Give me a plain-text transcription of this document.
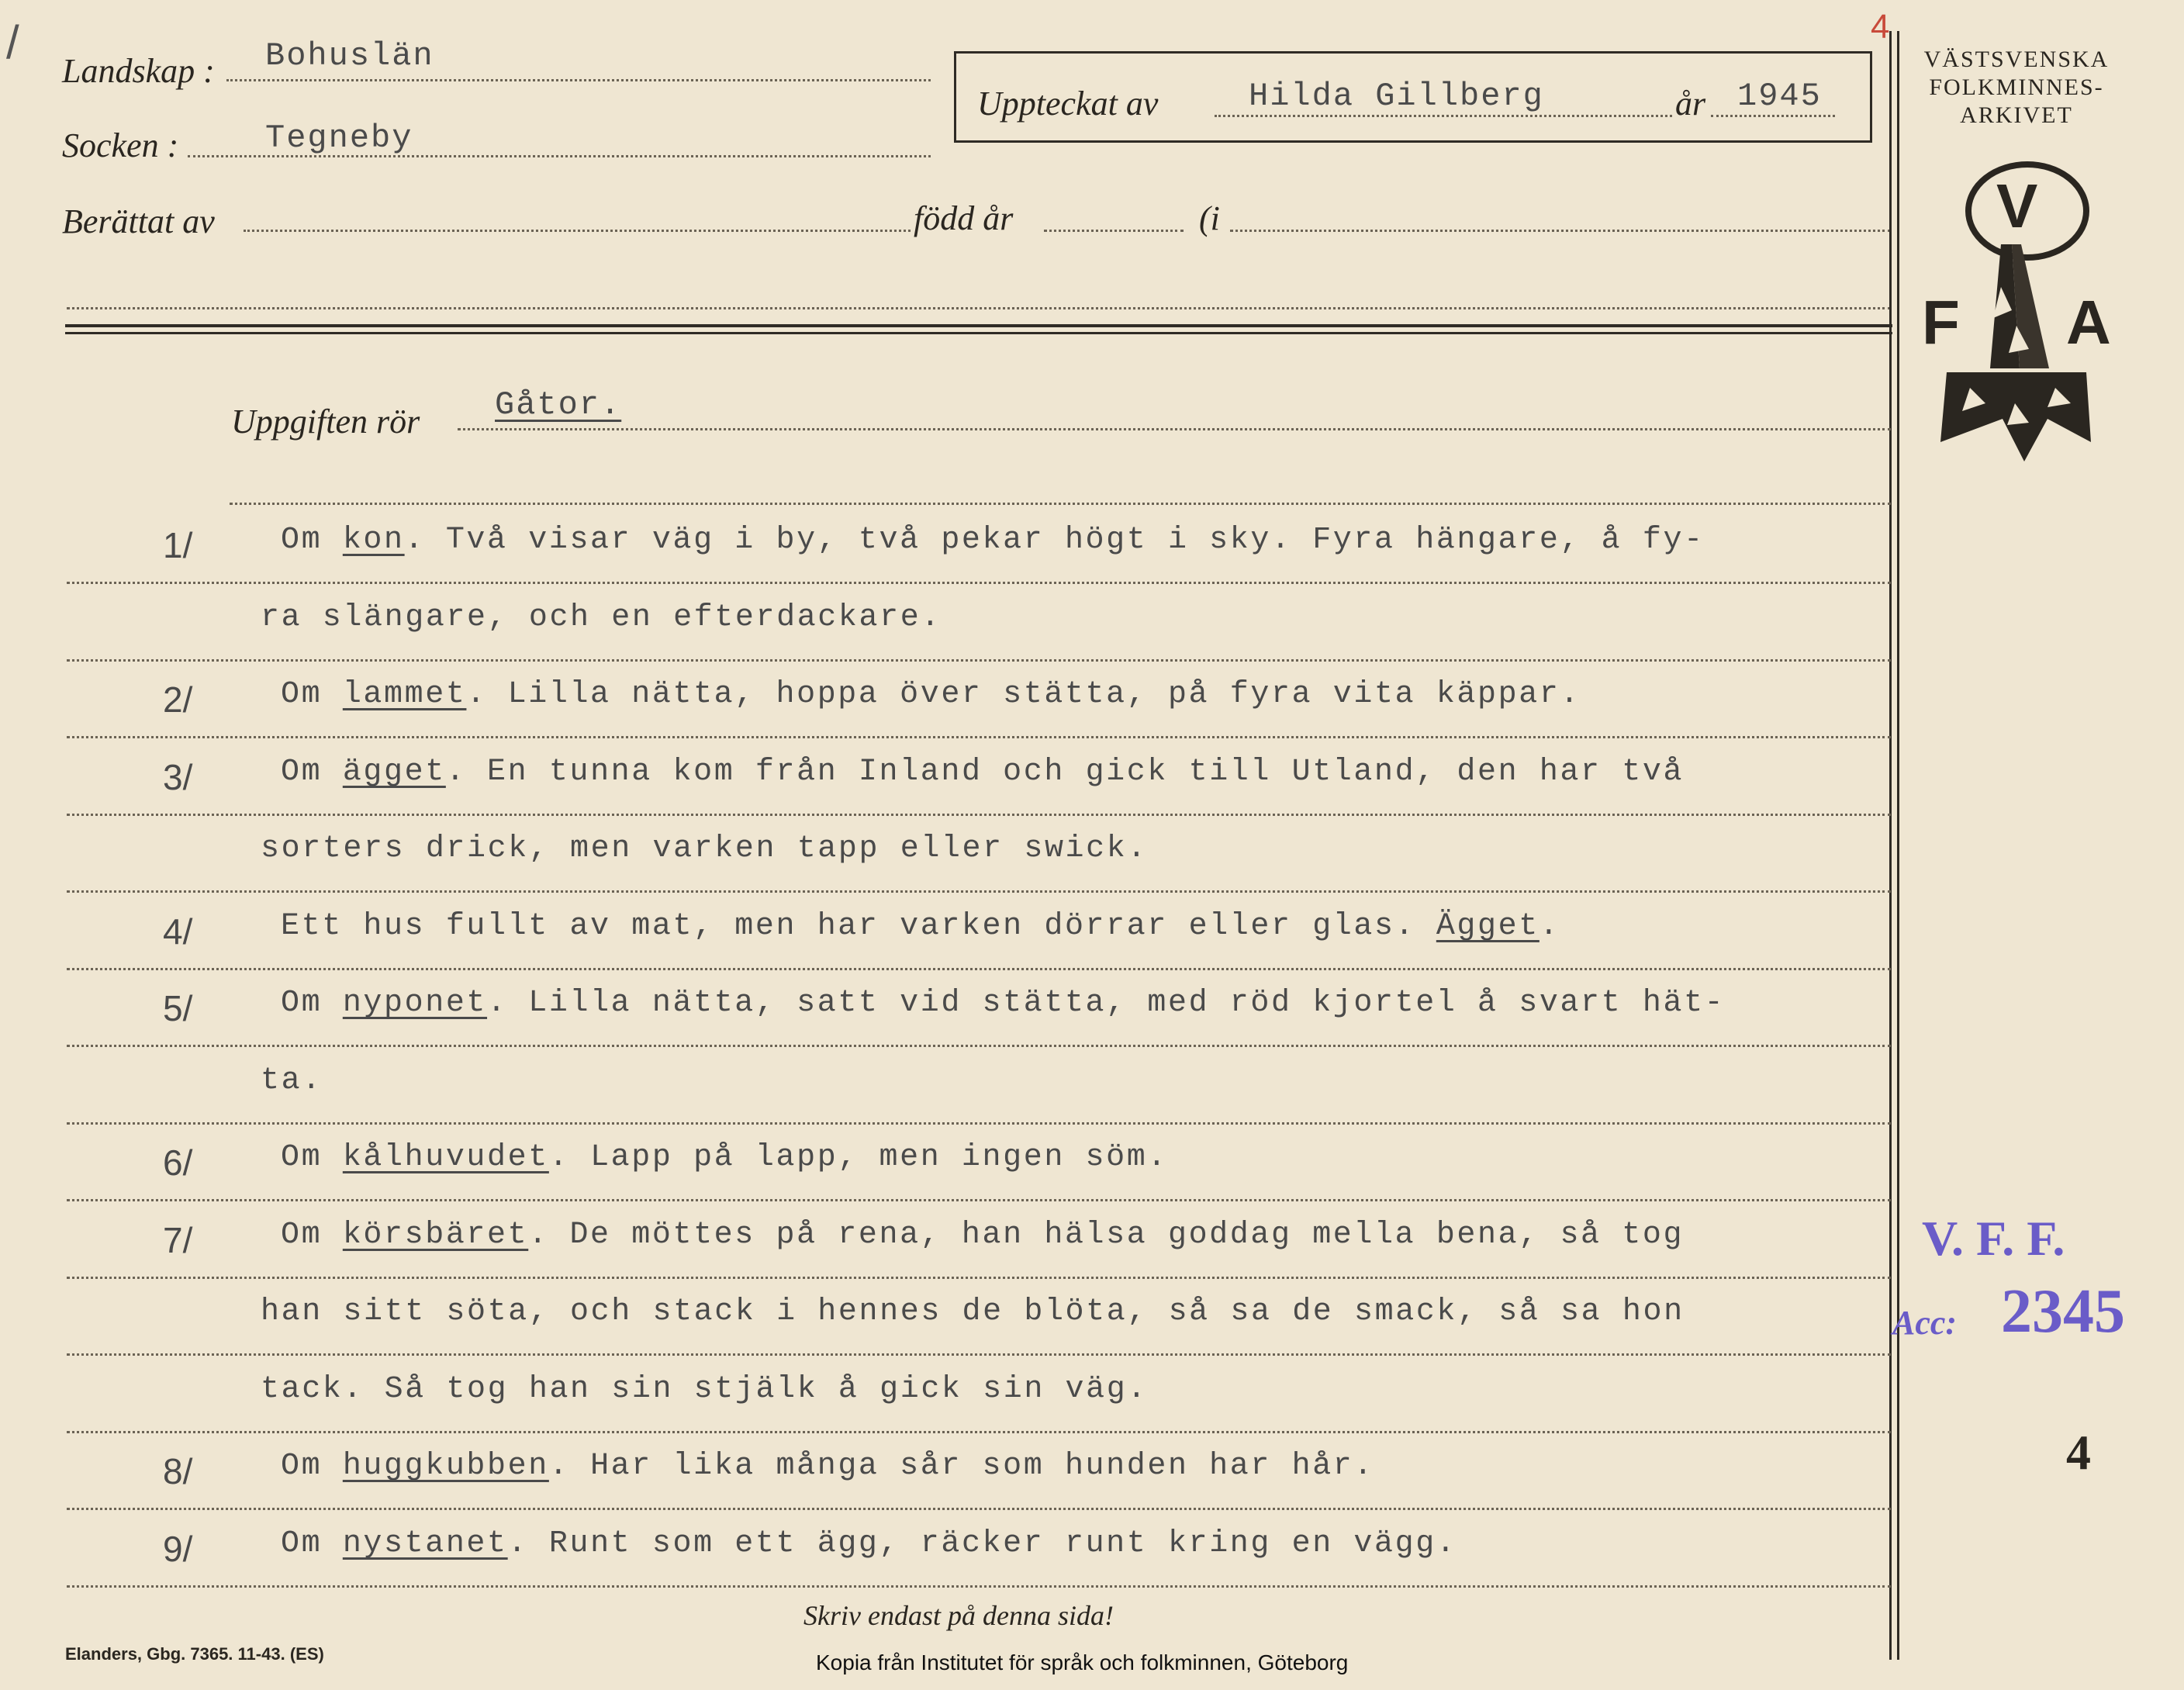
/	4
Landskap : Bohuslän
Socken :	Tegneby
Uppteckat av	Hilda Gillberg	år 1945
Berättat av	född år	(i
VÄSTSVENSKA
FOLKMINNES-
ARKIVET
V
F A
Uppgiften rör Gåtor.
1/	Om kon. Två visar väg i by, två pekar högt i sky. Fyra hängare, å fy-
ra slängare, och en efterdackare.
2/	Om lammet. Lilla nätta, hoppa över stätta, på fyra vita käppar.
3/	Om ägget. En tunna kom från Inland och gick till Utland, den har två
sorters drick, men varken tapp eller swick.
4/	Ett hus fullt av mat, men har varken dörrar eller glas. Ägget.
5/	Om nyponet. Lilla nätta, satt vid stätta, med röd kjortel å svart hät-
ta.
6/	Om kålhuvudet. Lapp på lapp, men ingen söm.
7/	Om körsbäret. De möttes på rena, han hälsa goddag mella bena, så tog
han sitt söta, och stack i hennes de blöta, så sa de smack, så sa hon
tack. Så tog han sin stjälk å gick sin väg.
8/	Om huggkubben. Har lika många sår som hunden har hår.
9/	Om nystanet. Runt som ett ägg, räcker runt kring en vägg.
V. F. F.
Acc: 2345
4
Skriv endast på denna sida!
Elanders, Gbg. 7365. 11-43. (ES)	Kopia från Institutet för språk och folkminnen, Göteborg
